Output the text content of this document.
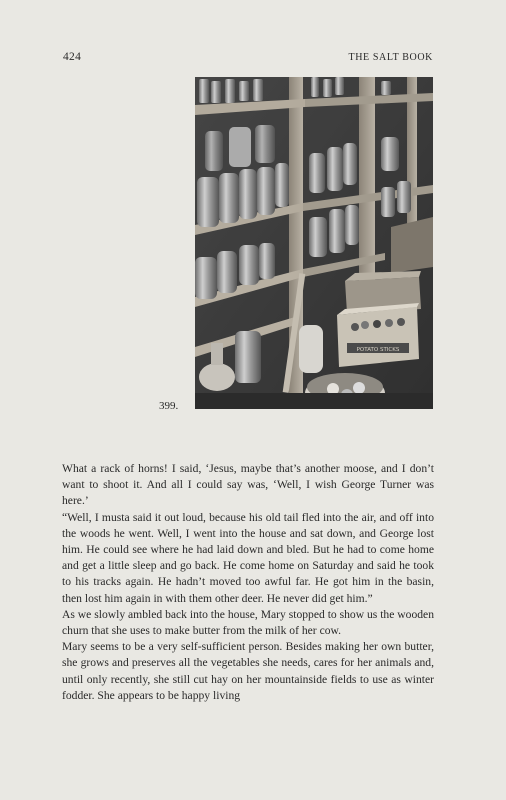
424	THE SALT BOOK
POTATO STICKS
399.

What a rack of horns! I said, ‘Jesus, maybe that’s another moose, and I don’t want to shoot it. And all I could say was, ‘Well, I wish George Turner was here.’

“Well, I musta said it out loud, because his old tail fled into the air, and off into the woods he went. Well, I went into the house and sat down, and George lost him. He could see where he had laid down and bled. But he had to come home and get a little sleep and go back. He come home on Saturday and said he took to his tracks again. He hadn’t moved too awful far. He got him in the basin, then lost him again in with them other deer. He never did get him.”

As we slowly ambled back into the house, Mary stopped to show us the wooden churn that she uses to make butter from the milk of her cow.

Mary seems to be a very self-sufficient person. Besides making her own butter, she grows and preserves all the vegetables she needs, cares for her animals and, until only recently, she still cut hay on her mountainside fields to use as winter fodder. She appears to be happy living
